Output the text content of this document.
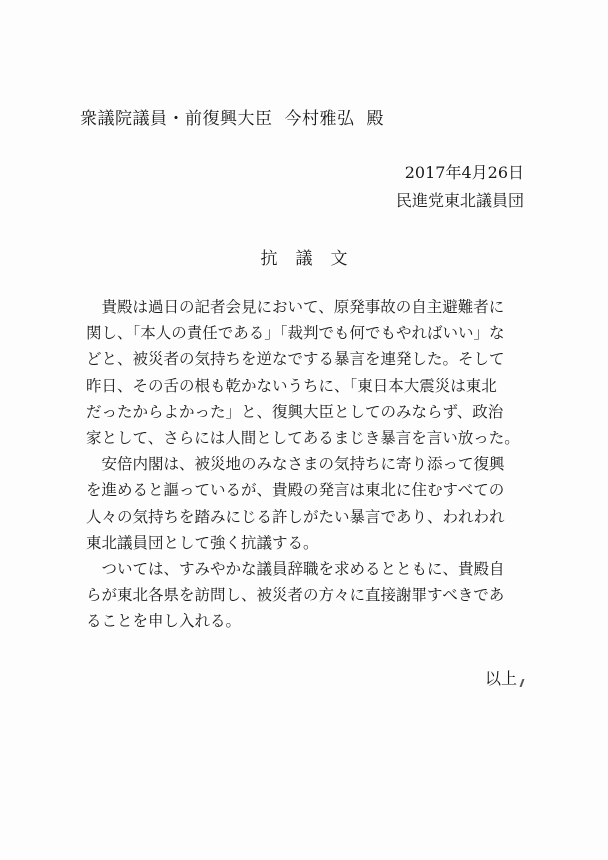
衆議院議員・前復興大臣 今村雅弘 殿
2017年4月26日
民進党東北議員団
抗議文
　貴殿は過日の記者会見において、原発事故の自主避難者に
関し、「本人の責任である」「裁判でも何でもやればいい」な
どと、被災者の気持ちを逆なでする暴言を連発した。そして
昨日、その舌の根も乾かないうちに、「東日本大震災は東北
だったからよかった」と、復興大臣としてのみならず、政治
家として、さらには人間としてあるまじき暴言を言い放った。
　安倍内閣は、被災地のみなさまの気持ちに寄り添って復興
を進めると謳っているが、貴殿の発言は東北に住むすべての
人々の気持ちを踏みにじる許しがたい暴言であり、われわれ
東北議員団として強く抗議する。
　ついては、すみやかな議員辞職を求めるとともに、貴殿自
らが東北各県を訪問し、被災者の方々に直接謝罪すべきであ
ることを申し入れる。
以上
